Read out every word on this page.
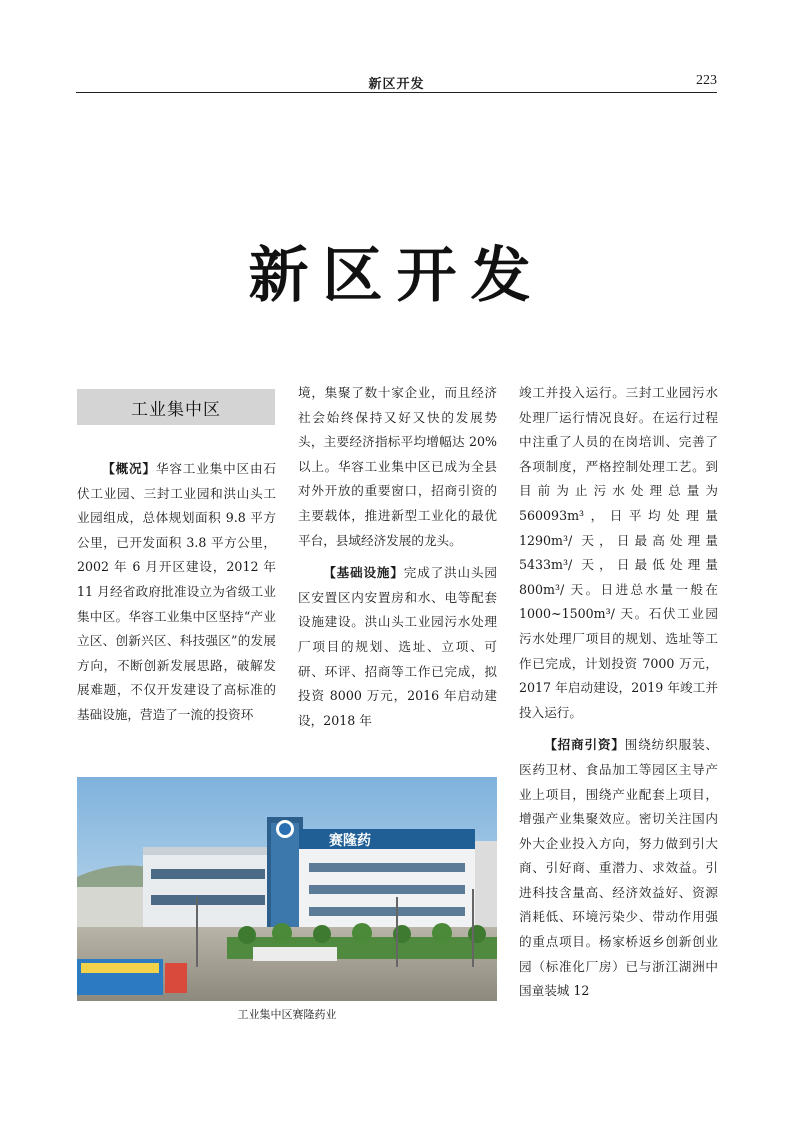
新区开发	223
新区开发
工业集中区

【概况】华容工业集中区由石伏工业园、三封工业园和洪山头工业园组成，总体规划面积 9.8 平方公里，已开发面积 3.8 平方公里，2002 年 6 月开区建设，2012 年 11 月经省政府批准设立为省级工业集中区。华容工业集中区坚持“产业立区、创新兴区、科技强区”的发展方向，不断创新发展思路，破解发展难题，不仅开发建设了高标准的基础设施，营造了一流的投资环

境，集聚了数十家企业，而且经济社会始终保持又好又快的发展势头，主要经济指标平均增幅达 20% 以上。华容工业集中区已成为全县对外开放的重要窗口，招商引资的主要载体，推进新型工业化的最优平台，县域经济发展的龙头。

【基础设施】完成了洪山头园区安置区内安置房和水、电等配套设施建设。洪山头工业园污水处理厂项目的规划、选址、立项、可研、环评、招商等工作已完成，拟投资 8000 万元，2016 年启动建设，2018 年

竣工并投入运行。三封工业园污水处理厂运行情况良好。在运行过程中注重了人员的在岗培训、完善了各项制度，严格控制处理工艺。到目前为止污水处理总量为 560093m³，日平均处理量 1290m³/ 天，日最高处理量 5433m³/ 天，日最低处理量 800m³/ 天。日进总水量一般在 1000~1500m³/ 天。石伏工业园污水处理厂项目的规划、选址等工作已完成，计划投资 7000 万元，2017 年启动建设，2019 年竣工并投入运行。

【招商引资】围绕纺织服装、医药卫材、食品加工等园区主导产业上项目，围绕产业配套上项目，增强产业集聚效应。密切关注国内外大企业投入方向，努力做到引大商、引好商、重潜力、求效益。引进科技含量高、经济效益好、资源消耗低、环境污染少、带动作用强的重点项目。杨家桥返乡创新创业园（标准化厂房）已与浙江湖洲中国童装城 12

赛隆药
工业集中区赛隆药业
